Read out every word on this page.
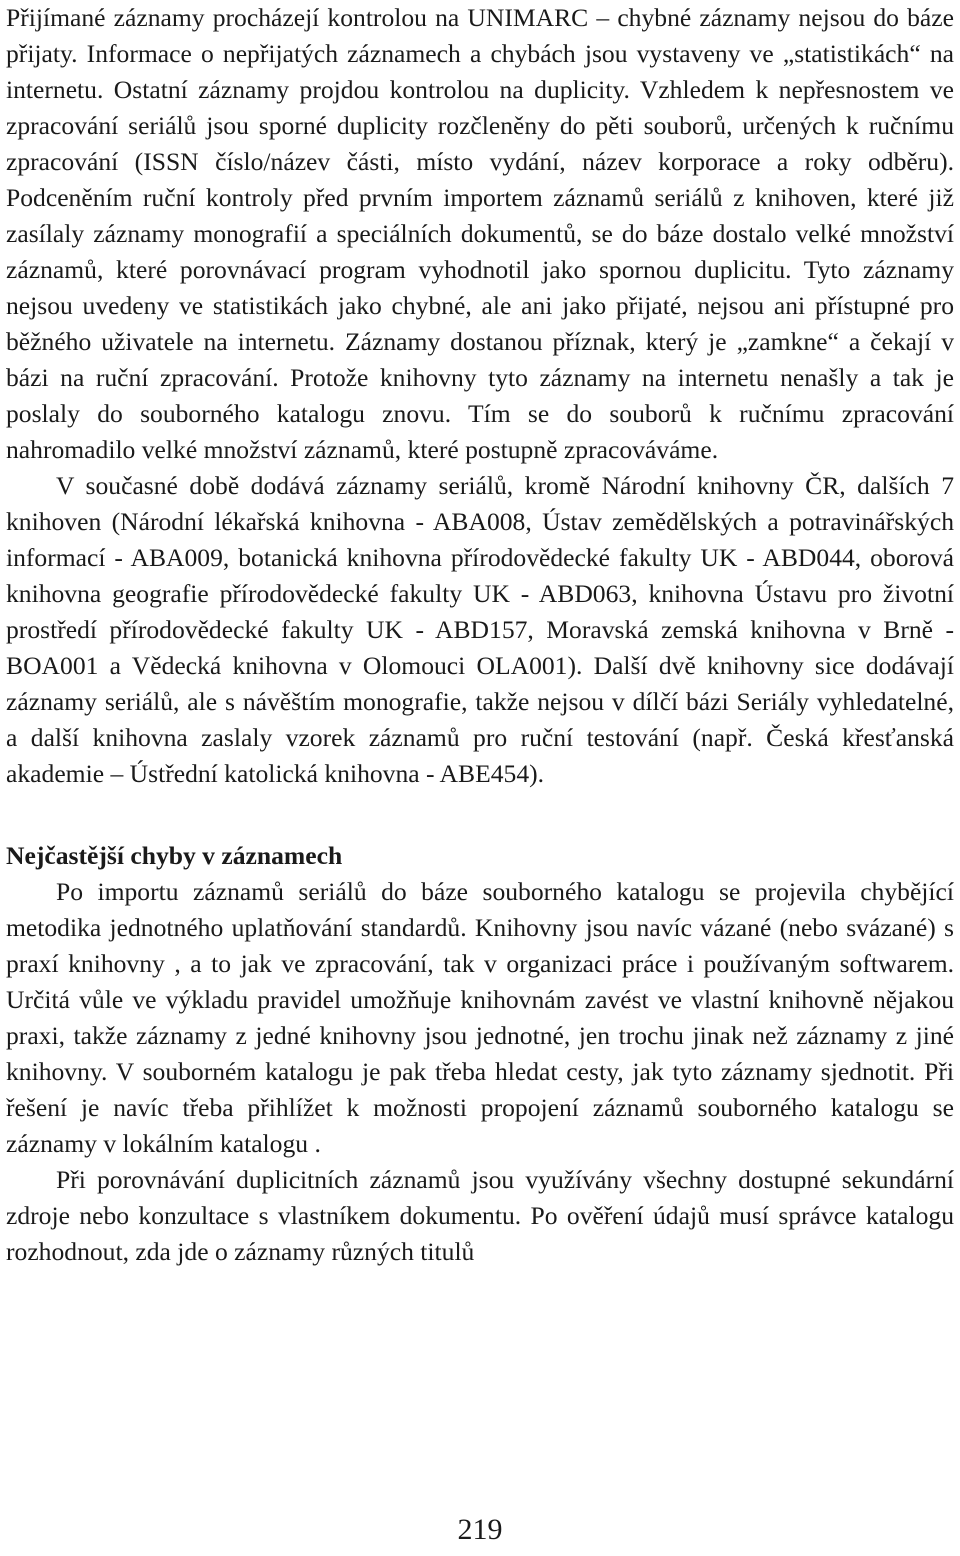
Přijímané záznamy procházejí kontrolou na UNIMARC – chybné záznamy nejsou do báze přijaty. Informace o nepřijatých záznamech a chybách jsou vystaveny ve „statistikách“ na internetu. Ostatní záznamy projdou kontrolou na duplicity. Vzhledem k nepřesnostem ve zpracování seriálů jsou sporné duplicity rozčleněny do pěti souborů, určených k ručnímu zpracování (ISSN číslo/název části, místo vydání, název korporace a roky odběru). Podceněním ruční kontroly před prvním importem záznamů seriálů z knihoven, které již zasílaly záznamy monografií a speciálních dokumentů, se do báze dostalo velké množství záznamů, které porovnávací program vyhodnotil jako spornou duplicitu. Tyto záznamy nejsou uvedeny ve statistikách jako chybné, ale ani jako přijaté, nejsou ani přístupné pro běžného uživatele na internetu. Záznamy dostanou příznak, který je „zamkne“ a čekají v bázi na ruční zpracování. Protože knihovny tyto záznamy na internetu nenašly a tak je poslaly do souborného katalogu znovu. Tím se do souborů k ručnímu zpracování nahromadilo velké množství záznamů, které postupně zpracováváme.

V současné době dodává záznamy seriálů, kromě Národní knihovny ČR, dalších 7 knihoven (Národní lékařská knihovna - ABA008, Ústav zemědělských a potravinářských informací - ABA009, botanická knihovna přírodovědecké fakulty UK - ABD044, oborová knihovna geografie přírodovědecké fakulty UK - ABD063, knihovna Ústavu pro životní prostředí přírodovědecké fakulty UK - ABD157, Moravská zemská knihovna v Brně - BOA001 a Vědecká knihovna v Olomouci OLA001). Další dvě knihovny sice dodávají záznamy seriálů, ale s návěštím monografie, takže nejsou v dílčí bázi Seriály vyhledatelné, a další knihovna zaslaly vzorek záznamů pro ruční testování (např. Česká křesťanská akademie – Ústřední katolická knihovna - ABE454).

Nejčastější chyby v záznamech

Po importu záznamů seriálů do báze souborného katalogu se projevila chybějící metodika jednotného uplatňování standardů. Knihovny jsou navíc vázané (nebo svázané) s praxí knihovny , a to jak ve zpracování, tak v organizaci práce i používaným softwarem. Určitá vůle ve výkladu pravidel umožňuje knihovnám zavést ve vlastní knihovně nějakou praxi, takže záznamy z jedné knihovny jsou jednotné, jen trochu jinak než záznamy z jiné knihovny. V souborném katalogu je pak třeba hledat cesty, jak tyto záznamy sjednotit. Při řešení je navíc třeba přihlížet k možnosti propojení záznamů souborného katalogu se záznamy v lokálním katalogu .

Při porovnávání duplicitních záznamů jsou využívány všechny dostupné sekundární zdroje nebo konzultace s vlastníkem dokumentu. Po ověření údajů musí správce katalogu rozhodnout, zda jde o záznamy různých titulů

219
